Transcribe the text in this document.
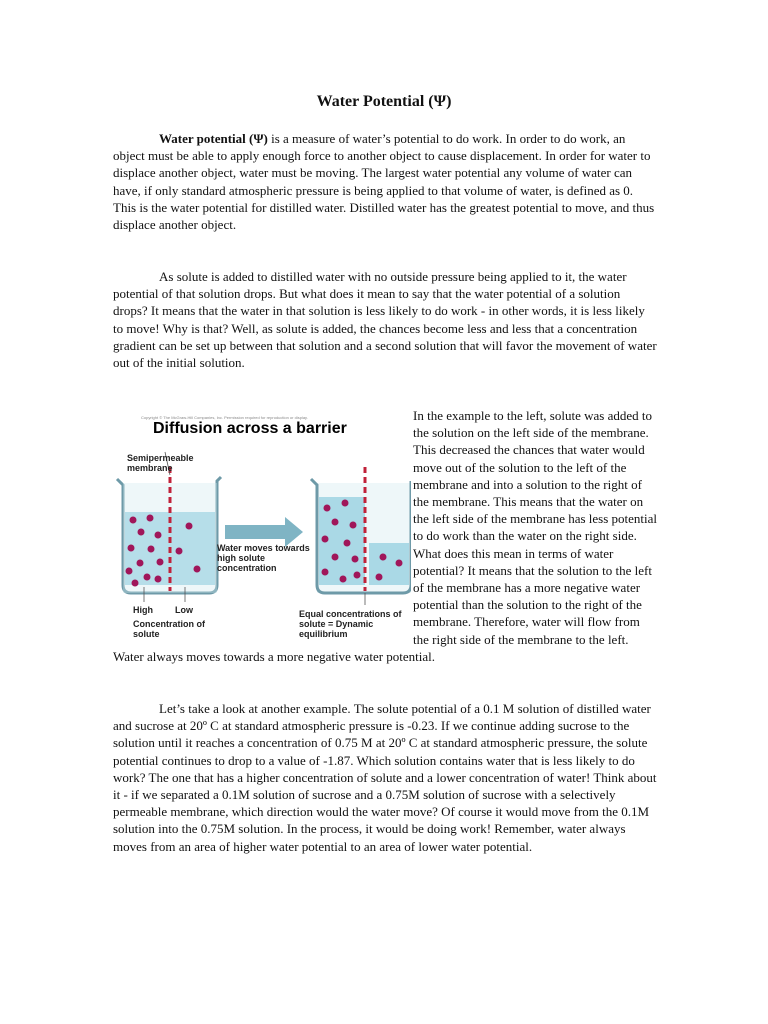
Water Potential (Ψ)

Water potential (Ψ) is a measure of water’s potential to do work. In order to do work, an object must be able to apply enough force to another object to cause displacement. In order for water to displace another object, water must be moving. The largest water potential any volume of water can have, if only standard atmospheric pressure is being applied to that volume of water, is defined as 0. This is the water potential for distilled water. Distilled water has the greatest potential to move, and thus displace another object.

As solute is added to distilled water with no outside pressure being applied to it, the water potential of that solution drops. But what does it mean to say that the water potential of a solution drops? It means that the water in that solution is less likely to do work - in other words, it is less likely to move! Why is that? Well, as solute is added, the chances become less and less that a concentration gradient can be set up between that solution and a second solution that will favor the movement of water out of the initial solution.

Copyright © The McGraw-Hill Companies, Inc. Permission required for reproduction or display.
Diffusion across a barrier
Semipermeable membrane
Water moves towards high solute concentration
High Low
Concentration of solute
Equal concentrations of solute = Dynamic equilibrium

In the example to the left, solute was added to the solution on the left side of the membrane. This decreased the chances that water would move out of the solution to the left of the membrane and into a solution to the right of the membrane. This means that the water on the left side of the membrane has less potential to do work than the water on the right side. What does this mean in terms of water potential? It means that the solution to the left of the membrane has a more negative water potential than the solution to the right of the membrane. Therefore, water will flow from the right side of the membrane to the left. Water always moves towards a more negative water potential.

Let’s take a look at another example. The solute potential of a 0.1 M solution of distilled water and sucrose at 20º C at standard atmospheric pressure is -0.23. If we continue adding sucrose to the solution until it reaches a concentration of 0.75 M at 20º C at standard atmospheric pressure, the solute potential continues to drop to a value of -1.87. Which solution contains water that is less likely to do work? The one that has a higher concentration of solute and a lower concentration of water! Think about it - if we separated a 0.1M solution of sucrose and a 0.75M solution of sucrose with a selectively permeable membrane, which direction would the water move? Of course it would move from the 0.1M solution into the 0.75M solution. In the process, it would be doing work! Remember, water always moves from an area of higher water potential to an area of lower water potential.
